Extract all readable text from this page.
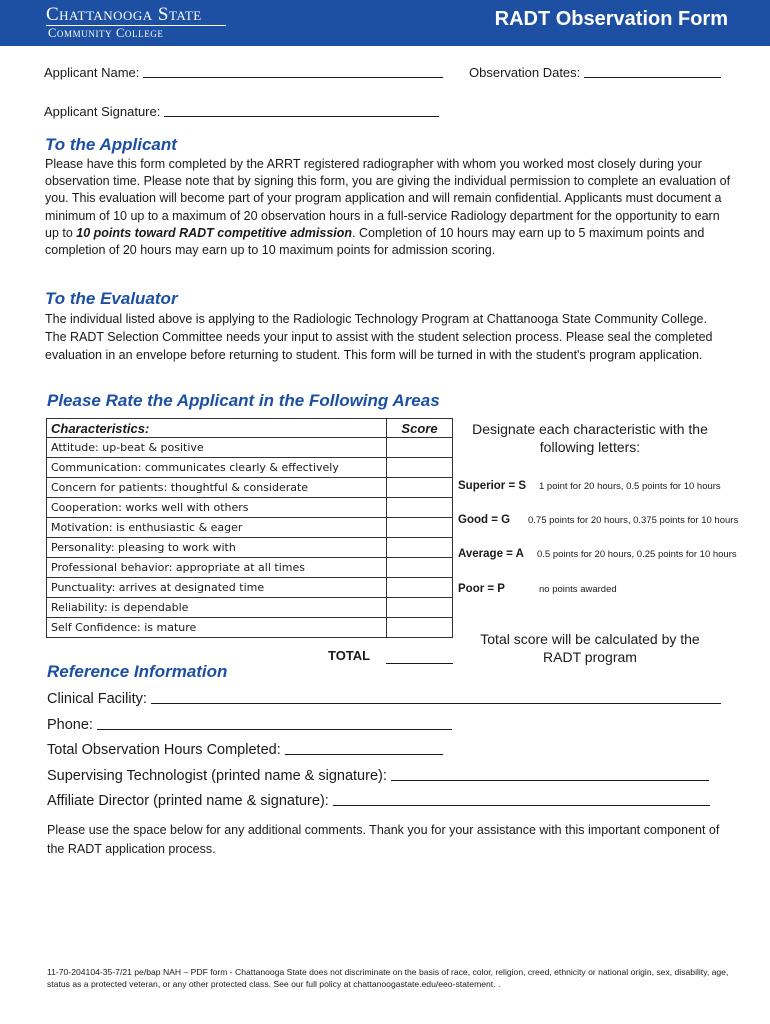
Chattanooga State
Community College
RADT Observation Form
Applicant Name:	Observation Dates:
Applicant Signature:
To the Applicant
Please have this form completed by the ARRT registered radiographer with whom you worked most closely during your observation time. Please note that by signing this form, you are giving the individual permission to complete an evaluation of you. This evaluation will become part of your program application and will remain confidential. Applicants must document a minimum of 10 up to a maximum of 20 observation hours in a full-service Radiology department for the opportunity to earn up to 10 points toward RADT competitive admission. Completion of 10 hours may earn up to 5 maximum points and completion of 20 hours may earn up to 10 maximum points for admission scoring.
To the Evaluator
The individual listed above is applying to the Radiologic Technology Program at Chattanooga State Community College. The RADT Selection Committee needs your input to assist with the student selection process. Please seal the completed evaluation in an envelope before returning to student. This form will be turned in with the student's program application.
Please Rate the Applicant in the Following Areas
Characteristics:	Score
Attitude: up-beat & positive	
Communication: communicates clearly & effectively	
Concern for patients: thoughtful & considerate	
Cooperation: works well with others	
Motivation: is enthusiastic & eager	
Personality: pleasing to work with	
Professional behavior: appropriate at all times	
Punctuality: arrives at designated time	
Reliability: is dependable	
Self Confidence: is mature	
TOTAL
Designate each characteristic with the following letters:
Superior = S 1 point for 20 hours, 0.5 points for 10 hours
Good = G 0.75 points for 20 hours, 0.375 points for 10 hours
Average = A 0.5 points for 20 hours, 0.25 points for 10 hours
Poor = P	no points awarded
Total score will be calculated by the RADT program
Reference Information
Clinical Facility:
Phone:
Total Observation Hours Completed:
Supervising Technologist (printed name & signature):
Affiliate Director (printed name & signature):
Please use the space below for any additional comments. Thank you for your assistance with this important component of the RADT application process.
11-70-204104-35-7/21 pe/bap NAH – PDF form - Chattanooga State does not discriminate on the basis of race, color, religion, creed, ethnicity or national origin, sex, disability, age, status as a protected veteran, or any other protected class. See our full policy at chattanoogastate.edu/eeo-statement. .
